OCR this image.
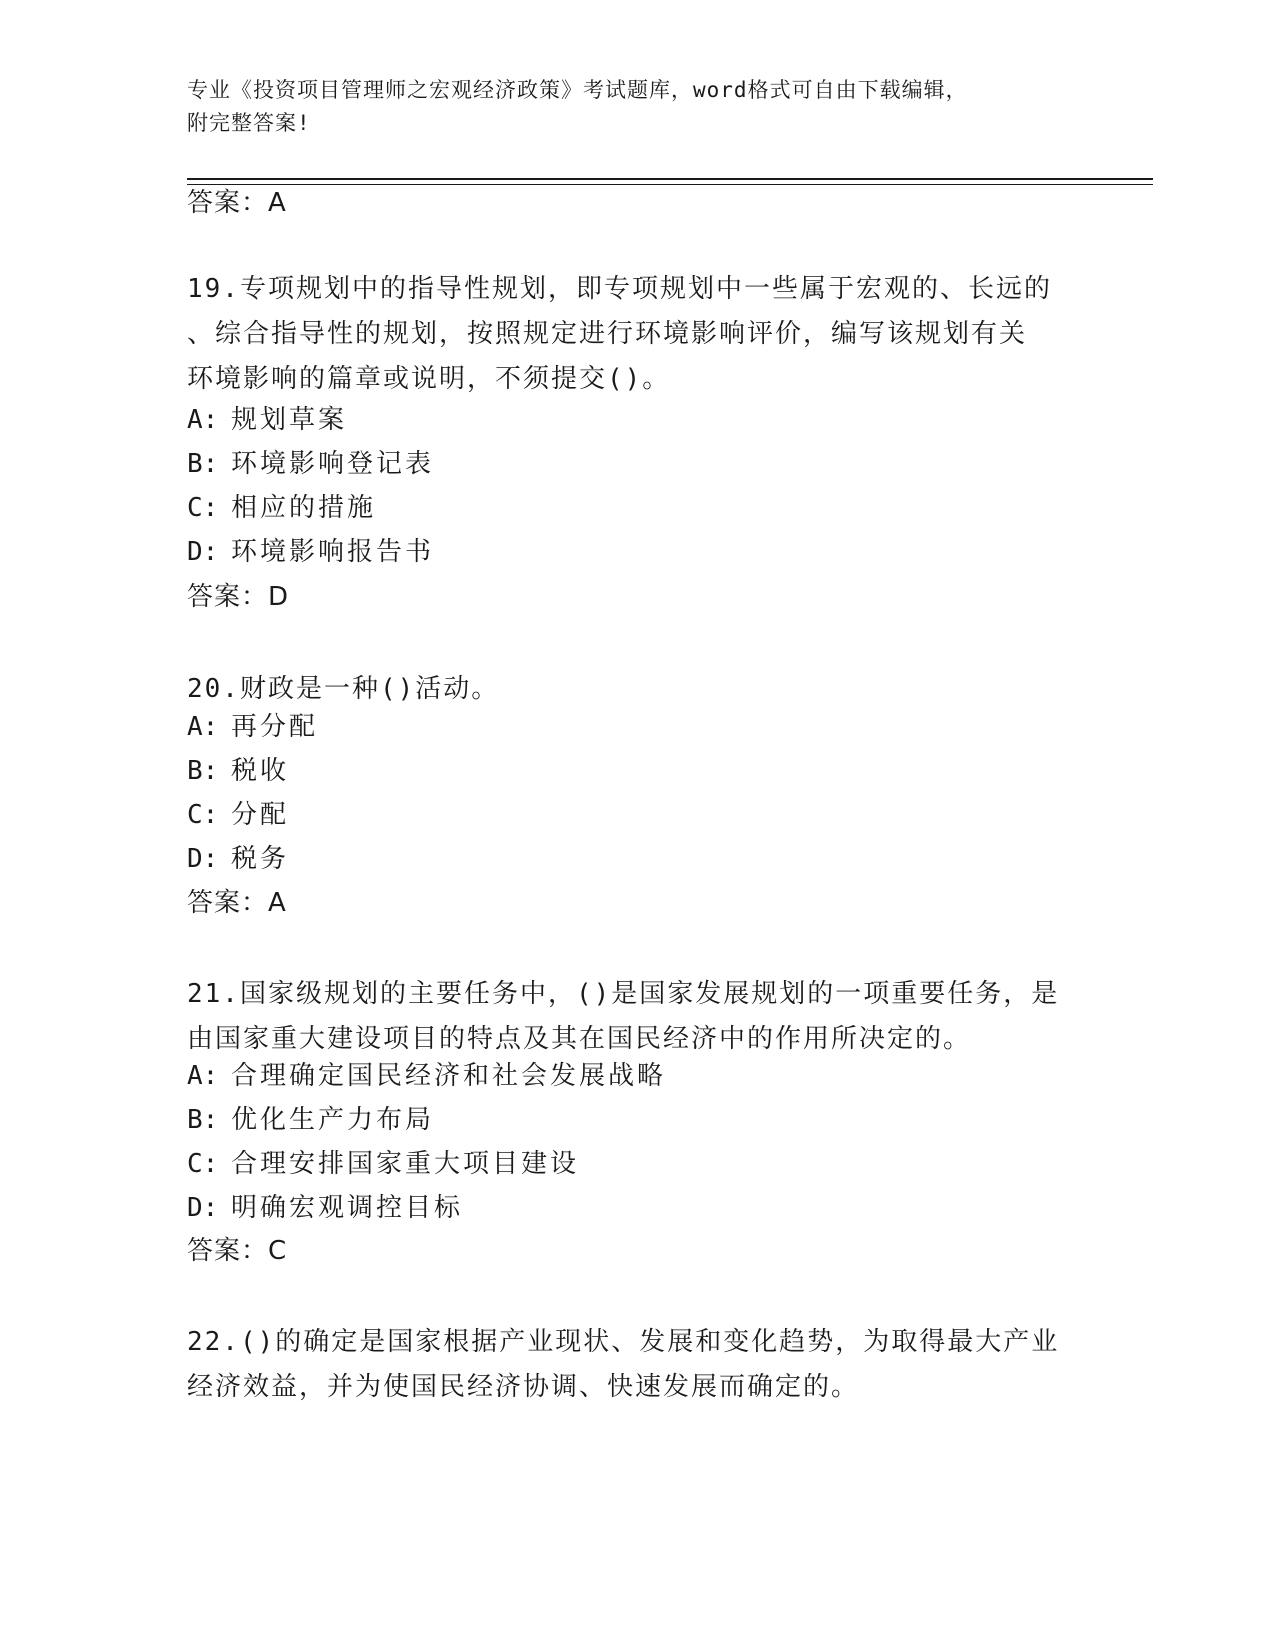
专业《投资项目管理师之宏观经济政策》考试题库，word格式可自由下载编辑，
附完整答案!
答案：A
19.专项规划中的指导性规划，即专项规划中一些属于宏观的、长远的
、综合指导性的规划，按照规定进行环境影响评价，编写该规划有关
环境影响的篇章或说明，不须提交()。
A: 规划草案
B: 环境影响登记表
C: 相应的措施
D: 环境影响报告书
答案：D
20.财政是一种()活动。
A: 再分配
B: 税收
C: 分配
D: 税务
答案：A
21.国家级规划的主要任务中，()是国家发展规划的一项重要任务，是
由国家重大建设项目的特点及其在国民经济中的作用所决定的。
A: 合理确定国民经济和社会发展战略
B: 优化生产力布局
C: 合理安排国家重大项目建设
D: 明确宏观调控目标
答案：C
22.()的确定是国家根据产业现状、发展和变化趋势，为取得最大产业
经济效益，并为使国民经济协调、快速发展而确定的。
